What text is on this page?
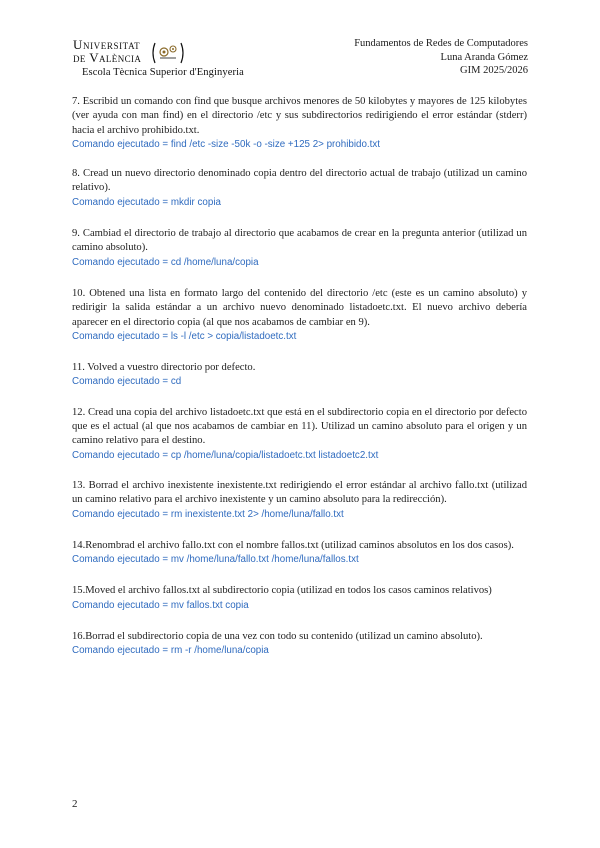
Universitat
de València
Escola Tècnica Superior d'Enginyeria
Fundamentos de Redes de Computadores
Luna Aranda Gómez
GIM 2025/2026

7. Escribid un comando con find que busque archivos menores de 50 kilobytes y mayores de 125 kilobytes (ver ayuda con man find) en el directorio /etc y sus subdirectorios redirigiendo el error estándar (stderr) hacia el archivo prohibido.txt.

Comando ejecutado = find /etc -size -50k -o -size +125 2> prohibido.txt

8. Cread un nuevo directorio denominado copia dentro del directorio actual de trabajo (utilizad un camino relativo).

Comando ejecutado = mkdir copia

9. Cambiad el directorio de trabajo al directorio que acabamos de crear en la pregunta anterior (utilizad un camino absoluto).

Comando ejecutado = cd /home/luna/copia

10. Obtened una lista en formato largo del contenido del directorio /etc (este es un camino absoluto) y redirigir la salida estándar a un archivo nuevo denominado listadoetc.txt. El nuevo archivo debería aparecer en el directorio copia (al que nos acabamos de cambiar en 9).

Comando ejecutado = ls -l /etc > copia/listadoetc.txt

11. Volved a vuestro directorio por defecto.

Comando ejecutado = cd

12. Cread una copia del archivo listadoetc.txt que está en el subdirectorio copia en el directorio por defecto que es el actual (al que nos acabamos de cambiar en 11). Utilizad un camino absoluto para el origen y un camino relativo para el destino.

Comando ejecutado = cp /home/luna/copia/listadoetc.txt listadoetc2.txt

13. Borrad el archivo inexistente inexistente.txt redirigiendo el error estándar al archivo fallo.txt (utilizad un camino relativo para el archivo inexistente y un camino absoluto para la redirección).

Comando ejecutado = rm inexistente.txt 2> /home/luna/fallo.txt

14.Renombrad el archivo fallo.txt con el nombre fallos.txt (utilizad caminos absolutos en los dos casos).

Comando ejecutado = mv /home/luna/fallo.txt /home/luna/fallos.txt

15.Moved el archivo fallos.txt al subdirectorio copia (utilizad en todos los casos caminos relativos)

Comando ejecutado = mv fallos.txt copia

16.Borrad el subdirectorio copia de una vez con todo su contenido (utilizad un camino absoluto).

Comando ejecutado = rm -r /home/luna/copia

2
